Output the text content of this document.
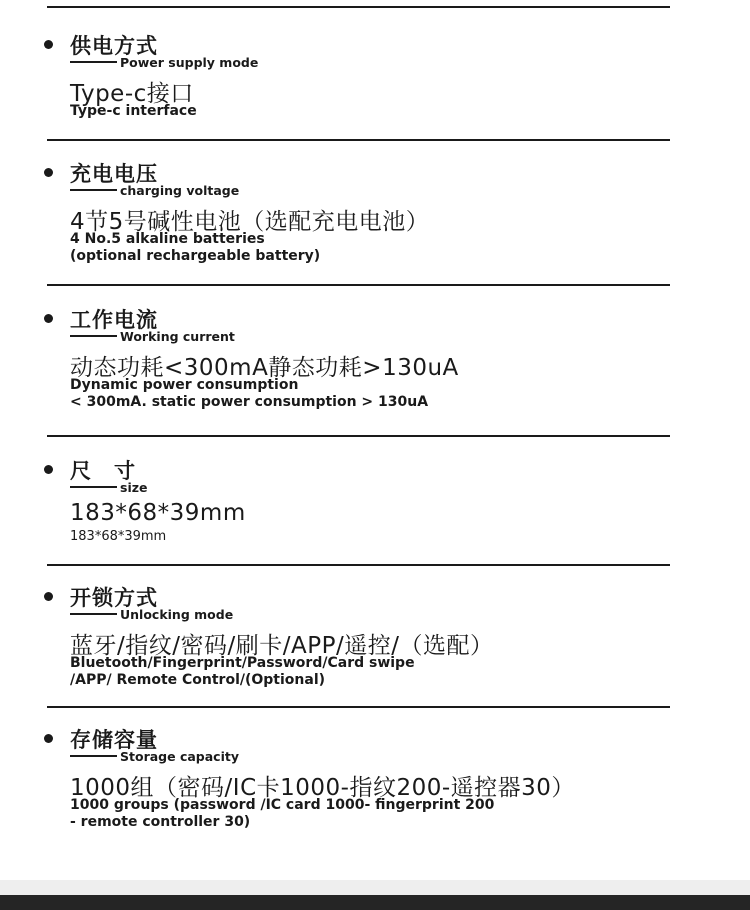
供电方式
Power supply mode
Type-c接口
Type-c interface
充电电压
charging voltage
4节5号碱性电池（选配充电电池）
4 No.5 alkaline batteries
(optional rechargeable battery)
工作电流
Working current
动态功耗<300mA静态功耗>130uA
Dynamic power consumption
< 300mA. static power consumption > 130uA
尺　寸
size
183*68*39mm
183*68*39mm
开锁方式
Unlocking mode
蓝牙/指纹/密码/刷卡/APP/遥控/（选配）
Bluetooth/Fingerprint/Password/Card swipe
/APP/ Remote Control/(Optional)
存储容量
Storage capacity
1000组（密码/IC卡1000-指纹200-遥控器30）
1000 groups (password /IC card 1000- fingerprint 200
- remote controller 30)
